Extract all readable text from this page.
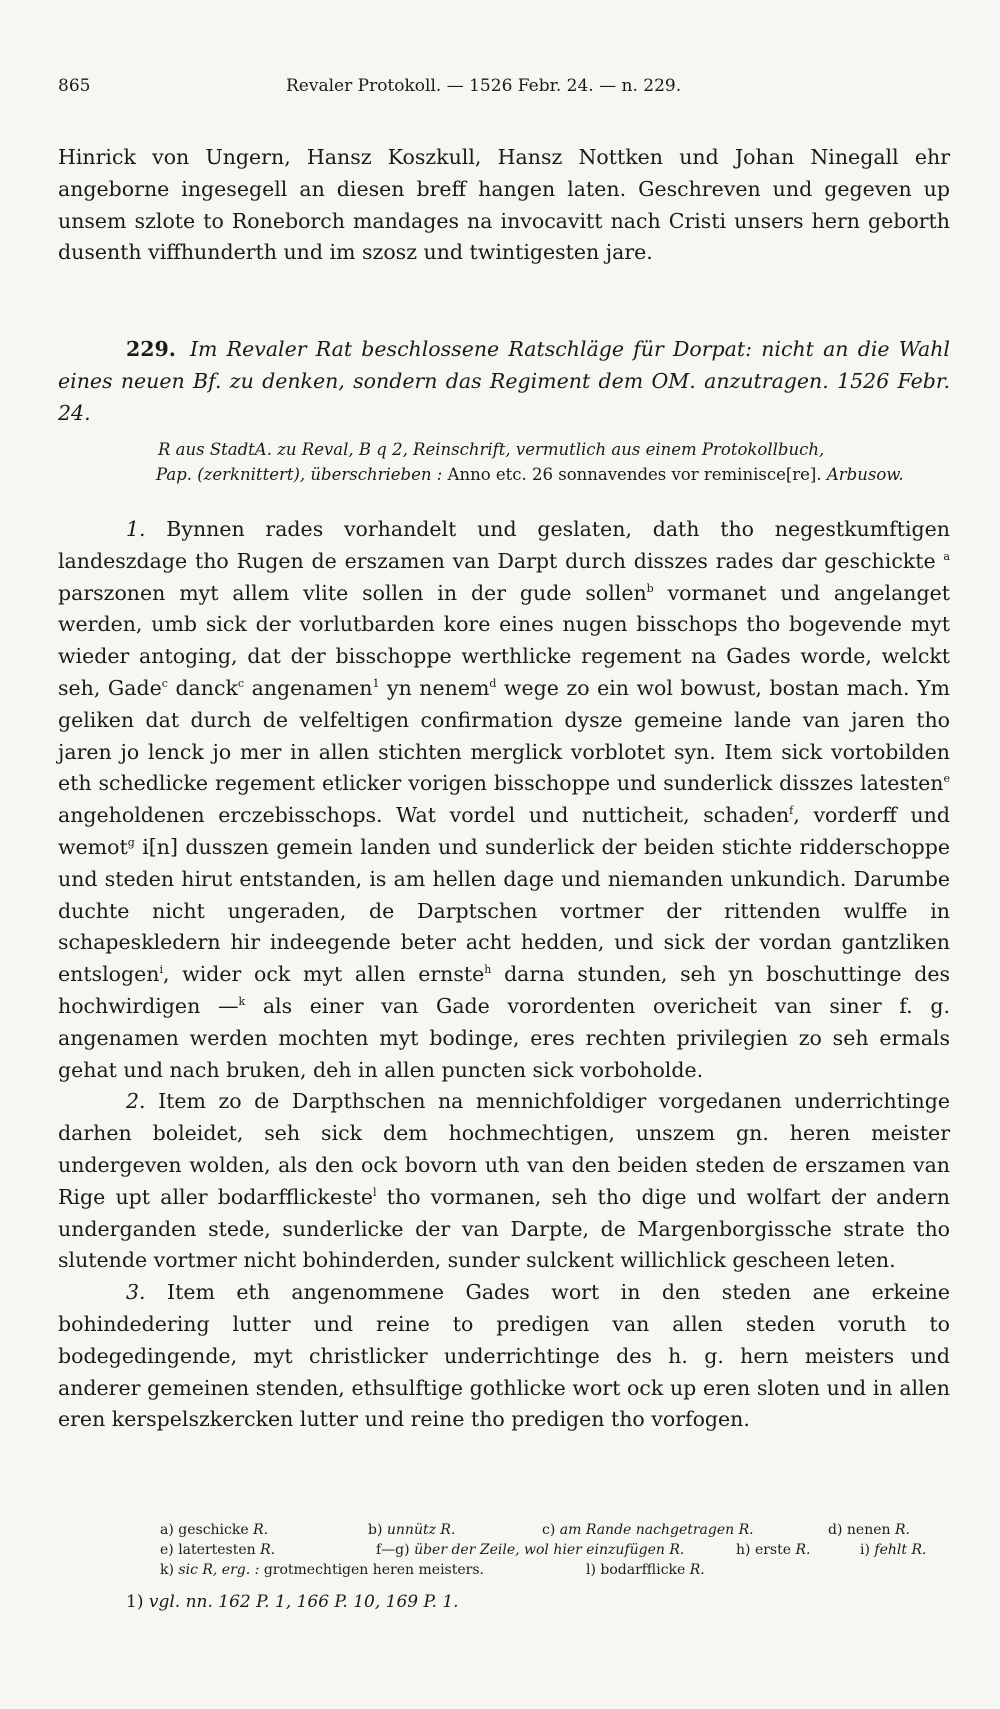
865	Revaler Protokoll. — 1526 Febr. 24. — n. 229.

Hinrick von Ungern, Hansz Koszkull, Hansz Nottken und Johan Ninegall ehr angeborne ingesegell an diesen breff hangen laten. Geschreven und gegeven up unsem szlote to Roneborch mandages na invocavitt nach Cristi unsers hern geborth dusenth viffhunderth und im szosz und twintigesten jare.

229. Im Revaler Rat beschlossene Ratschläge für Dorpat: nicht an die Wahl eines neuen Bf. zu denken, sondern das Regiment dem OM. anzutragen. 1526 Febr. 24.

R aus StadtA. zu Reval, B q 2, Reinschrift, vermutlich aus einem Protokollbuch,
Pap. (zerknittert), überschrieben : Anno etc. 26 sonnavendes vor reminisce[re]. Arbusow.

1. Bynnen rades vorhandelt und geslaten, dath tho negestkumftigen landeszdage tho Rugen de erszamen van Darpt durch disszes rades dar geschickte $^a$ parszonen myt allem vlite sollen in der gude sollen$^b$ vormanet und angelanget werden, umb sick der vorlutbarden kore eines nugen bisschops tho bogevende myt wieder antoging, dat der bisschoppe werthlicke regement na Gades worde, welckt seh, Gade$^c$ danck$^c$ angenamen$^1$ yn nenem$^d$ wege zo ein wol bowust, bostan mach. Ym geliken dat durch de velfeltigen confirmation dysze gemeine lande van jaren tho jaren jo lenck jo mer in allen stichten merglick vorblotet syn. Item sick vortobilden eth schedlicke regement etlicker vorigen bisschoppe und sunderlick disszes latesten$^e$ angeholdenen erczebisschops. Wat vordel und nutticheit, schaden$^f$, vorderff und wemot$^g$ i[n] dusszen gemein landen und sunderlick der beiden stichte ridderschoppe und steden hirut entstanden, is am hellen dage und niemanden unkundich. Darumbe duchte nicht ungeraden, de Darptschen vortmer der rittenden wulffe in schapeskledern hir indeegende beter acht hedden, und sick der vordan gantzliken entslogen$^i$, wider ock myt allen ernste$^h$ darna stunden, seh yn boschuttinge des hochwirdigen —$^k$ als einer van Gade vorordenten overicheit van siner f. g. angenamen werden mochten myt bodinge, eres rechten privilegien zo seh ermals gehat und nach bruken, deh in allen puncten sick vorboholde.

2. Item zo de Darpthschen na mennichfoldiger vorgedanen underrichtinge darhen boleidet, seh sick dem hochmechtigen, unszem gn. heren meister undergeven wolden, als den ock bovorn uth van den beiden steden de erszamen van Rige upt aller bodarfflickeste$^l$ tho vormanen, seh tho dige und wolfart der andern underganden stede, sunderlicke der van Darpte, de Margenborgissche strate tho slutende vortmer nicht bohinderden, sunder sulckent willichlick gescheen leten.

3. Item eth angenommene Gades wort in den steden ane erkeine bohindedering lutter und reine to predigen van allen steden voruth to bodegedingende, myt christlicker underrichtinge des h. g. hern meisters und anderer gemeinen stenden, ethsulftige gothlicke wort ock up eren sloten und in allen eren kerspelszkercken lutter und reine tho predigen tho vorfogen.

a) geschicke R.	b) unnütz R.	c) am Rande nachgetragen R.	d) nenen R.
e) latertesten R.	f—g) über der Zeile, wol hier einzufügen R.	h) erste R.	i) fehlt R.
k) sic R, erg. : grotmechtigen heren meisters.	l) bodarfflicke R.
1) vgl. nn. 162 P. 1, 166 P. 10, 169 P. 1.
